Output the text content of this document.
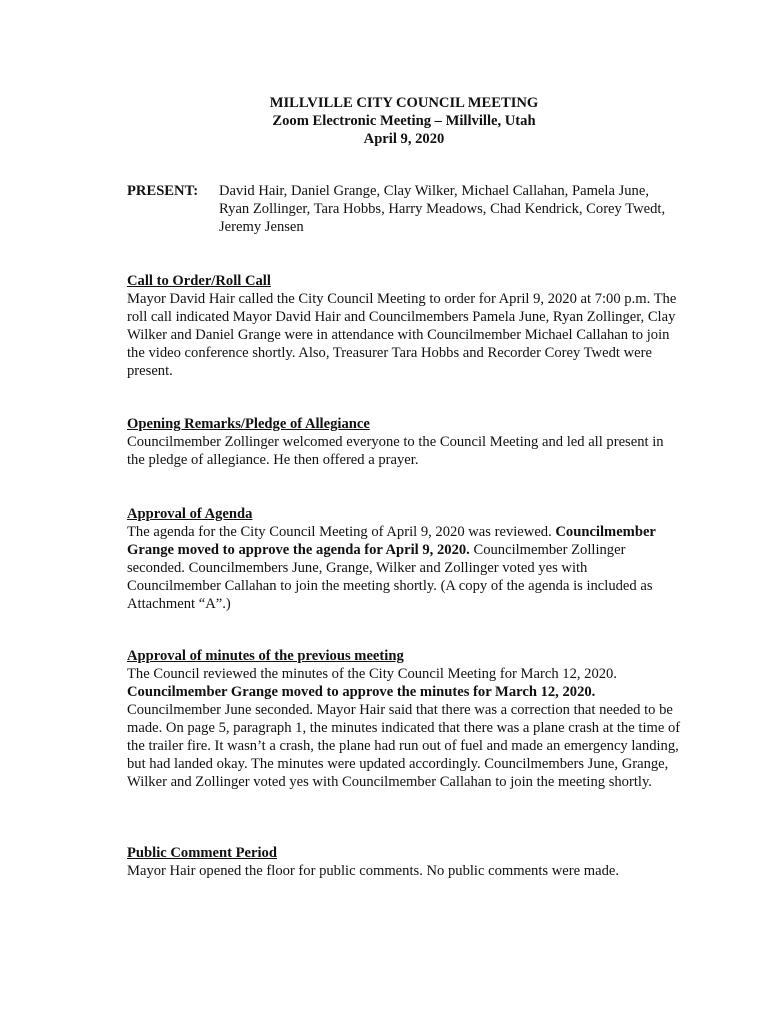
MILLVILLE CITY COUNCIL MEETING
Zoom Electronic Meeting – Millville, Utah
April 9, 2020
PRESENT: David Hair, Daniel Grange, Clay Wilker, Michael Callahan, Pamela June, Ryan Zollinger, Tara Hobbs, Harry Meadows, Chad Kendrick, Corey Twedt, Jeremy Jensen
Call to Order/Roll Call

Mayor David Hair called the City Council Meeting to order for April 9, 2020 at 7:00 p.m. The roll call indicated Mayor David Hair and Councilmembers Pamela June, Ryan Zollinger, Clay Wilker and Daniel Grange were in attendance with Councilmember Michael Callahan to join the video conference shortly. Also, Treasurer Tara Hobbs and Recorder Corey Twedt were present.

Opening Remarks/Pledge of Allegiance

Councilmember Zollinger welcomed everyone to the Council Meeting and led all present in the pledge of allegiance. He then offered a prayer.

Approval of Agenda

The agenda for the City Council Meeting of April 9, 2020 was reviewed. Councilmember Grange moved to approve the agenda for April 9, 2020. Councilmember Zollinger seconded. Councilmembers June, Grange, Wilker and Zollinger voted yes with Councilmember Callahan to join the meeting shortly. (A copy of the agenda is included as Attachment “A”.)

Approval of minutes of the previous meeting

The Council reviewed the minutes of the City Council Meeting for March 12, 2020. Councilmember Grange moved to approve the minutes for March 12, 2020. Councilmember June seconded. Mayor Hair said that there was a correction that needed to be made. On page 5, paragraph 1, the minutes indicated that there was a plane crash at the time of the trailer fire. It wasn’t a crash, the plane had run out of fuel and made an emergency landing, but had landed okay. The minutes were updated accordingly. Councilmembers June, Grange, Wilker and Zollinger voted yes with Councilmember Callahan to join the meeting shortly.

Public Comment Period

Mayor Hair opened the floor for public comments. No public comments were made.
